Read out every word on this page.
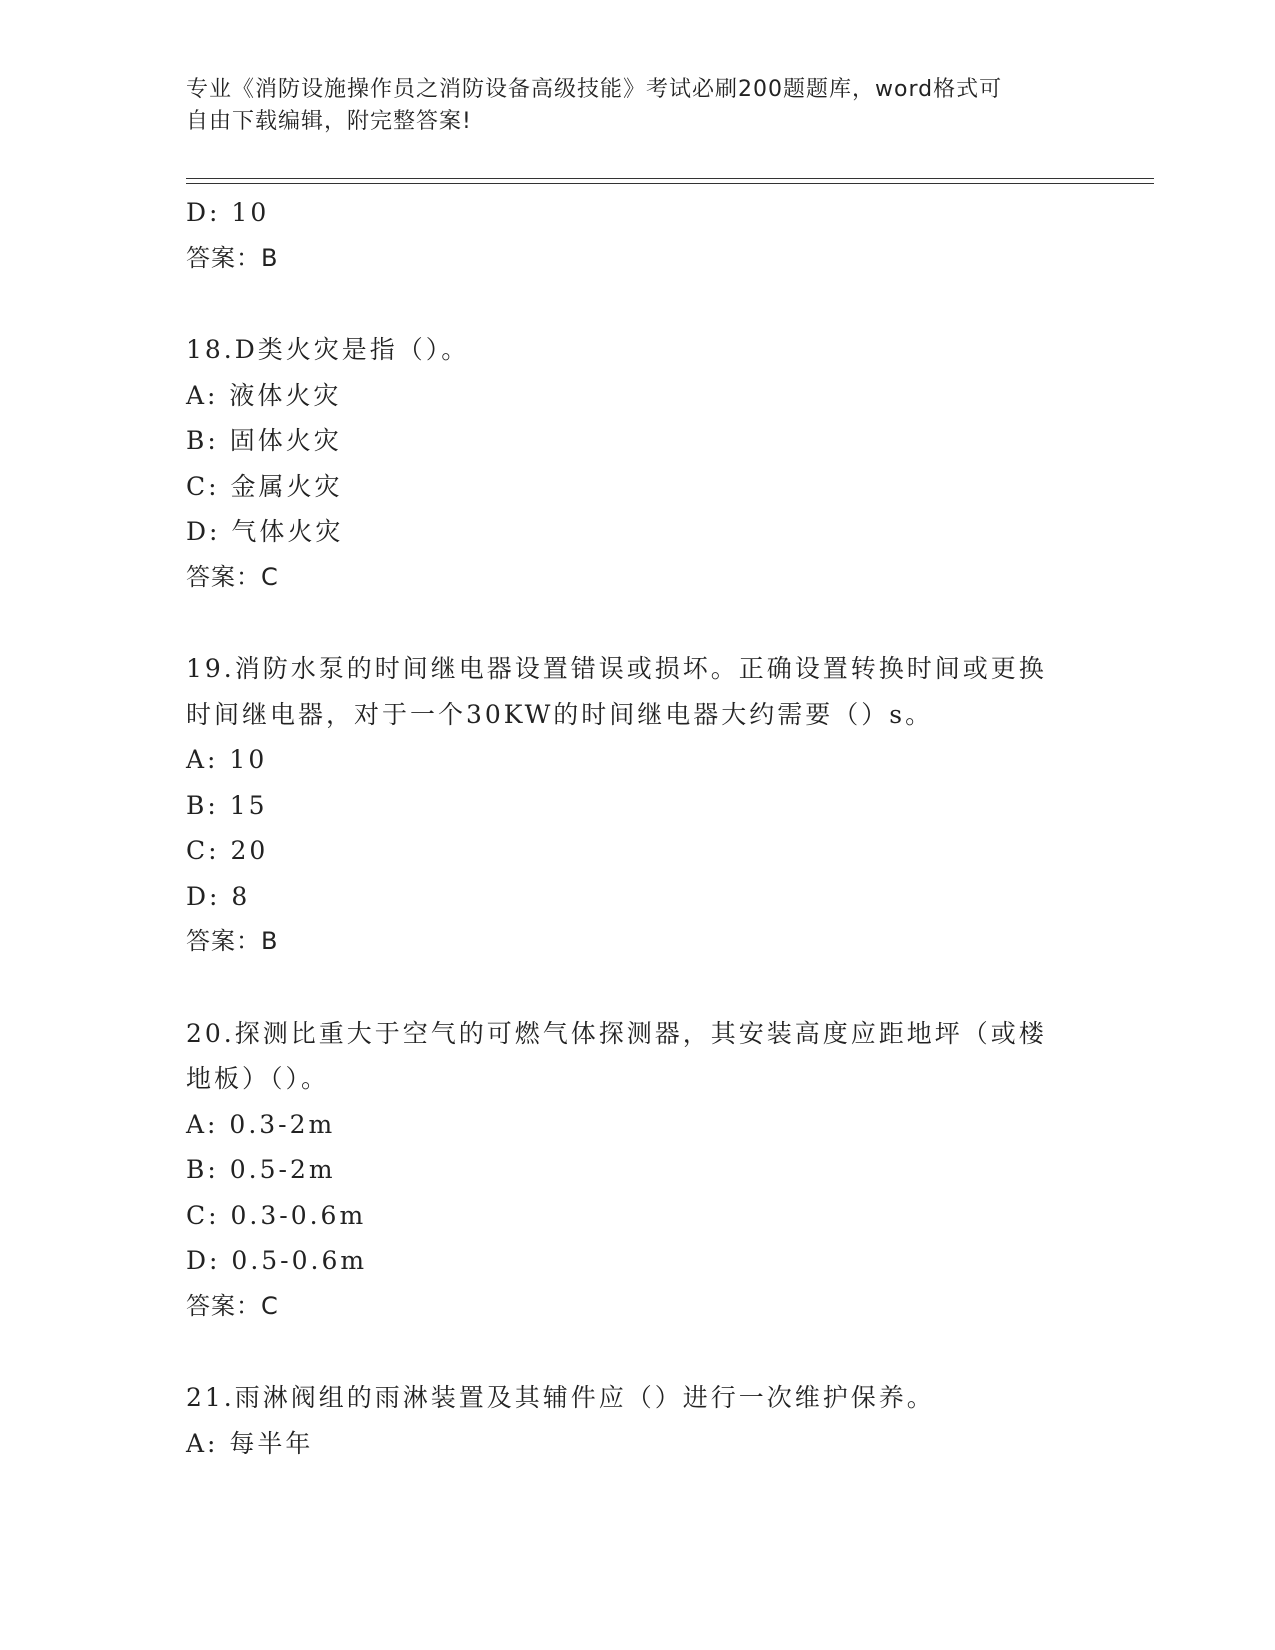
专业《消防设施操作员之消防设备高级技能》考试必刷200题题库，word格式可
自由下载编辑，附完整答案!
D: 10
答案：B
18.D类火灾是指（）。
A: 液体火灾
B: 固体火灾
C: 金属火灾
D: 气体火灾
答案：C
19.消防水泵的时间继电器设置错误或损坏。正确设置转换时间或更换
时间继电器，对于一个30KW的时间继电器大约需要（）s。
A: 10
B: 15
C: 20
D: 8
答案：B
20.探测比重大于空气的可燃气体探测器，其安装高度应距地坪（或楼
地板）（）。
A: 0.3-2m
B: 0.5-2m
C: 0.3-0.6m
D: 0.5-0.6m
答案：C
21.雨淋阀组的雨淋装置及其辅件应（）进行一次维护保养。
A: 每半年
